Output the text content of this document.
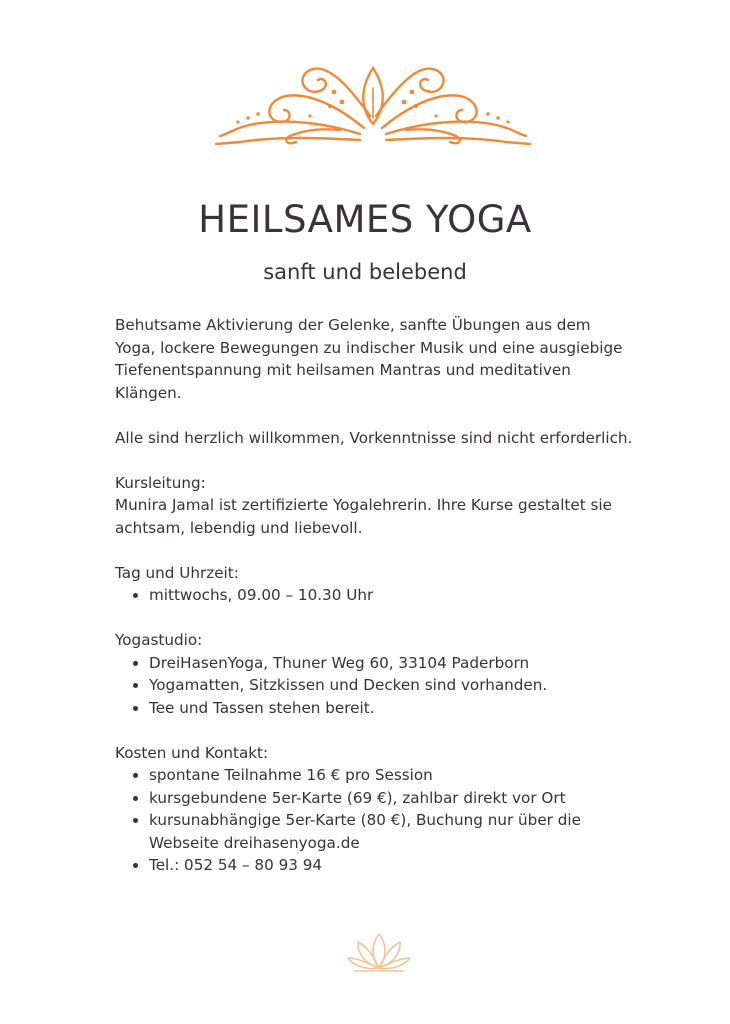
HEILSAMES YOGA
sanft und belebend

Behutsame Aktivierung der Gelenke, sanfte Übungen aus dem Yoga, lockere Bewegungen zu indischer Musik und eine ausgiebige Tiefenentspannung mit heilsamen Mantras und meditativen Klängen.

Alle sind herzlich willkommen, Vorkenntnisse sind nicht erforderlich.

Kursleitung:

Munira Jamal ist zertifizierte Yogalehrerin. Ihre Kurse gestaltet sie achtsam, lebendig und liebevoll.

Tag und Uhrzeit:
• mittwochs, 09.00 – 10.30 Uhr
Yogastudio:
• DreiHasenYoga, Thuner Weg 60, 33104 Paderborn
• Yogamatten, Sitzkissen und Decken sind vorhanden.
• Tee und Tassen stehen bereit.
Kosten und Kontakt:
• spontane Teilnahme 16 € pro Session
• kursgebundene 5er-Karte (69 €), zahlbar direkt vor Ort
• kursunabhängige 5er-Karte (80 €), Buchung nur über die Webseite dreihasenyoga.de
• Tel.: 052 54 – 80 93 94
